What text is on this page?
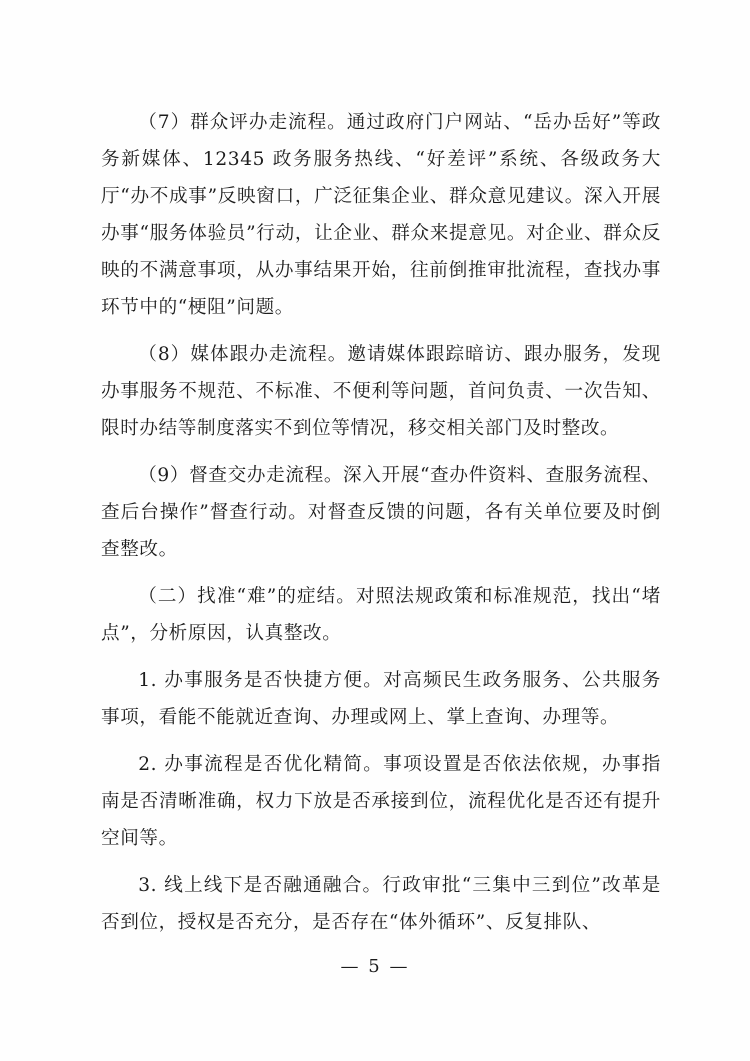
（7）群众评办走流程。通过政府门户网站、“岳办岳好”等政务新媒体、12345 政务服务热线、“好差评”系统、各级政务大厅“办不成事”反映窗口，广泛征集企业、群众意见建议。深入开展办事“服务体验员”行动，让企业、群众来提意见。对企业、群众反映的不满意事项，从办事结果开始，往前倒推审批流程，查找办事环节中的“梗阻”问题。

（8）媒体跟办走流程。邀请媒体跟踪暗访、跟办服务，发现办事服务不规范、不标准、不便利等问题，首问负责、一次告知、限时办结等制度落实不到位等情况，移交相关部门及时整改。

（9）督查交办走流程。深入开展“查办件资料、查服务流程、查后台操作”督查行动。对督查反馈的问题，各有关单位要及时倒查整改。

（二）找准“难”的症结。对照法规政策和标准规范，找出“堵点”，分析原因，认真整改。

1. 办事服务是否快捷方便。对高频民生政务服务、公共服务事项，看能不能就近查询、办理或网上、掌上查询、办理等。

2. 办事流程是否优化精简。事项设置是否依法依规，办事指南是否清晰准确，权力下放是否承接到位，流程优化是否还有提升空间等。

3. 线上线下是否融通融合。行政审批“三集中三到位”改革是否到位，授权是否充分，是否存在“体外循环”、反复排队、

— 5 —
